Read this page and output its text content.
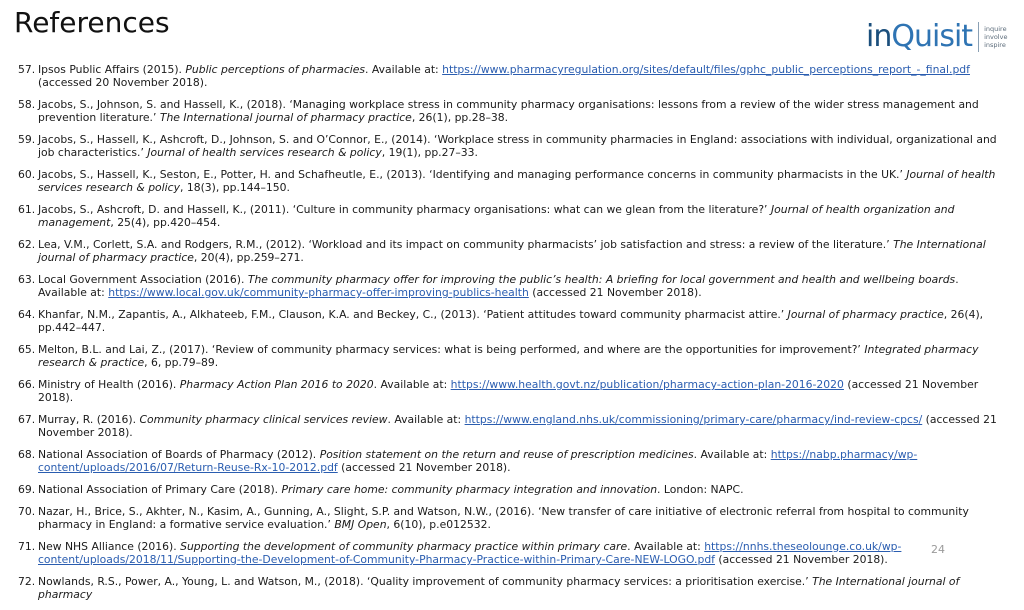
References	inQuisit inquire
involve
inspire
57. Ipsos Public Affairs (2015). Public perceptions of pharmacies. Available at: https://www.pharmacyregulation.org/sites/default/files/gphc_public_perceptions_report_-_final.pdf (accessed 20 November 2018).
58. Jacobs, S., Johnson, S. and Hassell, K., (2018). ‘Managing workplace stress in community pharmacy organisations: lessons from a review of the wider stress management and prevention literature.’ The International journal of pharmacy practice, 26(1), pp.28–38.
59. Jacobs, S., Hassell, K., Ashcroft, D., Johnson, S. and O’Connor, E., (2014). ‘Workplace stress in community pharmacies in England: associations with individual, organizational and job characteristics.’ Journal of health services research & policy, 19(1), pp.27–33.
60. Jacobs, S., Hassell, K., Seston, E., Potter, H. and Schafheutle, E., (2013). ‘Identifying and managing performance concerns in community pharmacists in the UK.’ Journal of health services research & policy, 18(3), pp.144–150.
61. Jacobs, S., Ashcroft, D. and Hassell, K., (2011). ‘Culture in community pharmacy organisations: what can we glean from the literature?’ Journal of health organization and management, 25(4), pp.420–454.
62. Lea, V.M., Corlett, S.A. and Rodgers, R.M., (2012). ‘Workload and its impact on community pharmacists’ job satisfaction and stress: a review of the literature.’ The International journal of pharmacy practice, 20(4), pp.259–271.
63. Local Government Association (2016). The community pharmacy offer for improving the public’s health: A briefing for local government and health and wellbeing boards. Available at: https://www.local.gov.uk/community-pharmacy-offer-improving-publics-health (accessed 21 November 2018).
64. Khanfar, N.M., Zapantis, A., Alkhateeb, F.M., Clauson, K.A. and Beckey, C., (2013). ‘Patient attitudes toward community pharmacist attire.’ Journal of pharmacy practice, 26(4), pp.442–447.
65. Melton, B.L. and Lai, Z., (2017). ‘Review of community pharmacy services: what is being performed, and where are the opportunities for improvement?’ Integrated pharmacy research & practice, 6, pp.79–89.
66. Ministry of Health (2016). Pharmacy Action Plan 2016 to 2020. Available at: https://www.health.govt.nz/publication/pharmacy-action-plan-2016-2020 (accessed 21 November 2018).
67. Murray, R. (2016). Community pharmacy clinical services review. Available at: https://www.england.nhs.uk/commissioning/primary-care/pharmacy/ind-review-cpcs/ (accessed 21 November 2018).
68. National Association of Boards of Pharmacy (2012). Position statement on the return and reuse of prescription medicines. Available at: https://nabp.pharmacy/wp-content/uploads/2016/07/Return-Reuse-Rx-10-2012.pdf (accessed 21 November 2018).
69. National Association of Primary Care (2018). Primary care home: community pharmacy integration and innovation. London: NAPC.
70. Nazar, H., Brice, S., Akhter, N., Kasim, A., Gunning, A., Slight, S.P. and Watson, N.W., (2016). ‘New transfer of care initiative of electronic referral from hospital to community pharmacy in England: a formative service evaluation.’ BMJ Open, 6(10), p.e012532.
71. New NHS Alliance (2016). Supporting the development of community pharmacy practice within primary care. Available at: https://nnhs.theseolounge.co.uk/wp-content/uploads/2018/11/Supporting-the-Development-of-Community-Pharmacy-Practice-within-Primary-Care-NEW-LOGO.pdf (accessed 21 November 2018).
72. Nowlands, R.S., Power, A., Young, L. and Watson, M., (2018). ‘Quality improvement of community pharmacy services: a prioritisation exercise.’ The International journal of pharmacy
24
